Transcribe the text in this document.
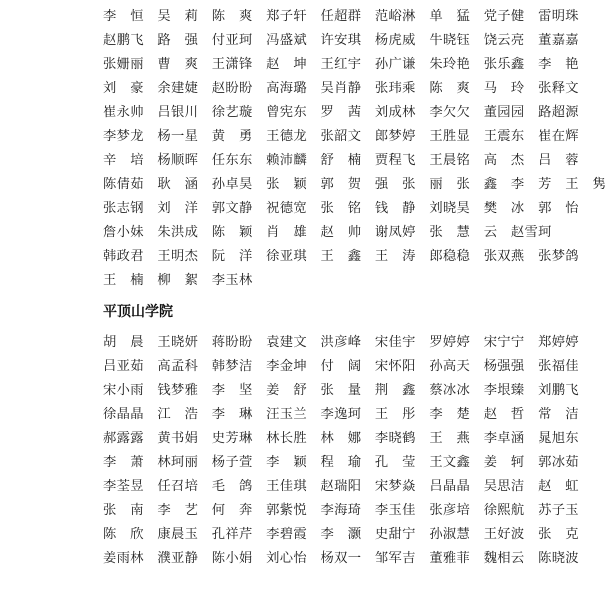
李　恒　吴　莉　陈　爽　郑子轩　任超群　范峪淋　单　猛　党子健　雷明珠
赵鹏飞　路　强　付亚珂　冯盛斌　许安琪　杨虎威　牛晓钰　饶云亮　董嘉嘉
张姗丽　曹　爽　王潇锋　赵　坤　王红宇　孙广谦　朱玲艳　张乐鑫　李　艳
刘　豪　余建婕　赵盼盼　高海璐　吴肖静　张玮乘　陈　爽　马　玲　张释文
崔永帅　吕银川　徐艺璇　曾宪东　罗　茜　刘成林　李欠欠　董园园　路超源
李梦龙　杨一星　黄　勇　王德龙　张韶文　郎梦婷　王胜显　王震东　崔在辉
辛　培　杨顺晖　任东东　赖沛麟　舒　楠　贾程飞　王晨铭　高　杰　吕　蓉
陈倩茹　耿　涵　孙卓昊　张　颖　郭　贺　强　张　丽　张　鑫　李　芳　王　隽
张志钢　刘　洋　郭文静　祝德宽　张　铭　钱　静　刘晓昊　樊　冰　郭　怡
詹小妹　朱洪成　陈　颖　肖　雄　赵　帅　谢凤婷　张　慧　云　赵雪珂
韩政君　王明杰　阮　洋　徐亚琪　王　鑫　王　涛　郎稳稳　张双燕　张梦鸽
王　楠　柳　絮　李玉林
平顶山学院
胡　晨　王晓妍　蒋盼盼　袁建文　洪彦峰　宋佳宇　罗婷婷　宋宁宁　郑婷婷
吕亚茹　高孟科　韩梦洁　李金坤　付　阔　宋怀阳　孙高天　杨强强　张福佳
宋小雨　钱梦雅　李　坚　姜　舒　张　量　荆　鑫　蔡冰冰　李垠臻　刘鹏飞
徐晶晶　江　浩　李　琳　汪玉兰　李逸珂　王　彤　李　楚　赵　哲　常　洁
郝露露　黄书娟　史芳琳　林长胜　林　娜　李晓鹤　王　燕　李卓涵　晁旭东
李　萧　林珂丽　杨子萱　李　颖　程　瑜　孔　莹　王文鑫　姜　轲　郭冰茹
李荃昱　任召培　毛　鸽　王佳琪　赵瑞阳　宋梦焱　吕晶晶　吴思洁　赵　虹
张　南　李　艺　何　奔　郭紫悦　李海琦　李玉佳　张彦培　徐熙航　苏子玉
陈　欣　康晨玉　孔祥芹　李碧霞　李　灏　史甜宁　孙淑慧　王好波　张　克
姜雨林　濮亚静　陈小娟　刘心怡　杨双一　邹军吉　董雅菲　魏相云　陈晓波
